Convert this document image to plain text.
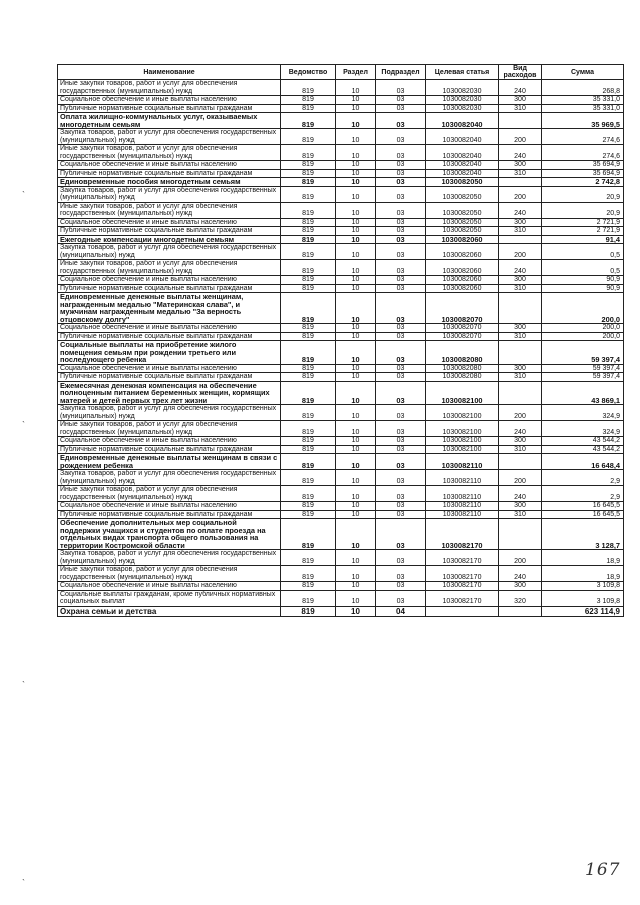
Наименование	Ведомство	Раздел	Подраздел	Целевая статья	Вид расходов	Сумма
Иные закупки товаров, работ и услуг для обеспечения государственных (муниципальных) нужд	819	10	03	1030082030	240	268,8
Социальное обеспечение и иные выплаты населению	819	10	03	1030082030	300	35 331,0
Публичные нормативные социальные выплаты гражданам	819	10	03	1030082030	310	35 331,0
Оплата жилищно-коммунальных услуг, оказываемых многодетным семьям	819	10	03	1030082040		35 969,5
Закупка товаров, работ и услуг для обеспечения государственных (муниципальных) нужд	819	10	03	1030082040	200	274,6
Иные закупки товаров, работ и услуг для обеспечения государственных (муниципальных) нужд	819	10	03	1030082040	240	274,6
Социальное обеспечение и иные выплаты населению	819	10	03	1030082040	300	35 694,9
Публичные нормативные социальные выплаты гражданам	819	10	03	1030082040	310	35 694,9
Единовременные пособия многодетным семьям	819	10	03	1030082050		2 742,8
Закупка товаров, работ и услуг для обеспечения государственных (муниципальных) нужд	819	10	03	1030082050	200	20,9
Иные закупки товаров, работ и услуг для обеспечения государственных (муниципальных) нужд	819	10	03	1030082050	240	20,9
Социальное обеспечение и иные выплаты населению	819	10	03	1030082050	300	2 721,9
Публичные нормативные социальные выплаты гражданам	819	10	03	1030082050	310	2 721,9
Ежегодные компенсации многодетным семьям	819	10	03	1030082060		91,4
Закупка товаров, работ и услуг для обеспечения государственных (муниципальных) нужд	819	10	03	1030082060	200	0,5
Иные закупки товаров, работ и услуг для обеспечения государственных (муниципальных) нужд	819	10	03	1030082060	240	0,5
Социальное обеспечение и иные выплаты населению	819	10	03	1030082060	300	90,9
Публичные нормативные социальные выплаты гражданам	819	10	03	1030082060	310	90,9
Единовременные денежные выплаты женщинам, награжденным медалью "Материнская слава", и мужчинам награжденным медалью "За верность отцовскому долгу"	819	10	03	1030082070		200,0
Социальное обеспечение и иные выплаты населению	819	10	03	1030082070	300	200,0
Публичные нормативные социальные выплаты гражданам	819	10	03	1030082070	310	200,0
Социальные выплаты на приобретение жилого помещения семьям при рождении третьего или последующего ребенка	819	10	03	1030082080		59 397,4
Социальное обеспечение и иные выплаты населению	819	10	03	1030082080	300	59 397,4
Публичные нормативные социальные выплаты гражданам	819	10	03	1030082080	310	59 397,4
Ежемесячная денежная компенсация на обеспечение полноценным питанием беременных женщин, кормящих матерей и детей первых трех лет жизни	819	10	03	1030082100		43 869,1
Закупка товаров, работ и услуг для обеспечения государственных (муниципальных) нужд	819	10	03	1030082100	200	324,9
Иные закупки товаров, работ и услуг для обеспечения государственных (муниципальных) нужд	819	10	03	1030082100	240	324,9
Социальное обеспечение и иные выплаты населению	819	10	03	1030082100	300	43 544,2
Публичные нормативные социальные выплаты гражданам	819	10	03	1030082100	310	43 544,2
Единовременные денежные выплаты женщинам в связи с рождением ребенка	819	10	03	1030082110		16 648,4
Закупка товаров, работ и услуг для обеспечения государственных (муниципальных) нужд	819	10	03	1030082110	200	2,9
Иные закупки товаров, работ и услуг для обеспечения государственных (муниципальных) нужд	819	10	03	1030082110	240	2,9
Социальное обеспечение и иные выплаты населению	819	10	03	1030082110	300	16 645,5
Публичные нормативные социальные выплаты гражданам	819	10	03	1030082110	310	16 645,5
Обеспечение дополнительных мер социальной поддержки учащихся и студентов по оплате проезда на отдельных видах транспорта общего пользования на территории Костромской области	819	10	03	1030082170		3 128,7
Закупка товаров, работ и услуг для обеспечения государственных (муниципальных) нужд	819	10	03	1030082170	200	18,9
Иные закупки товаров, работ и услуг для обеспечения государственных (муниципальных) нужд	819	10	03	1030082170	240	18,9
Социальное обеспечение и иные выплаты населению	819	10	03	1030082170	300	3 109,8
Социальные выплаты гражданам, кроме публичных нормативных социальных выплат	819	10	03	1030082170	320	3 109,8
Охрана семьи и детства	819	10	04			623 114,9
`
`
`
`
167
